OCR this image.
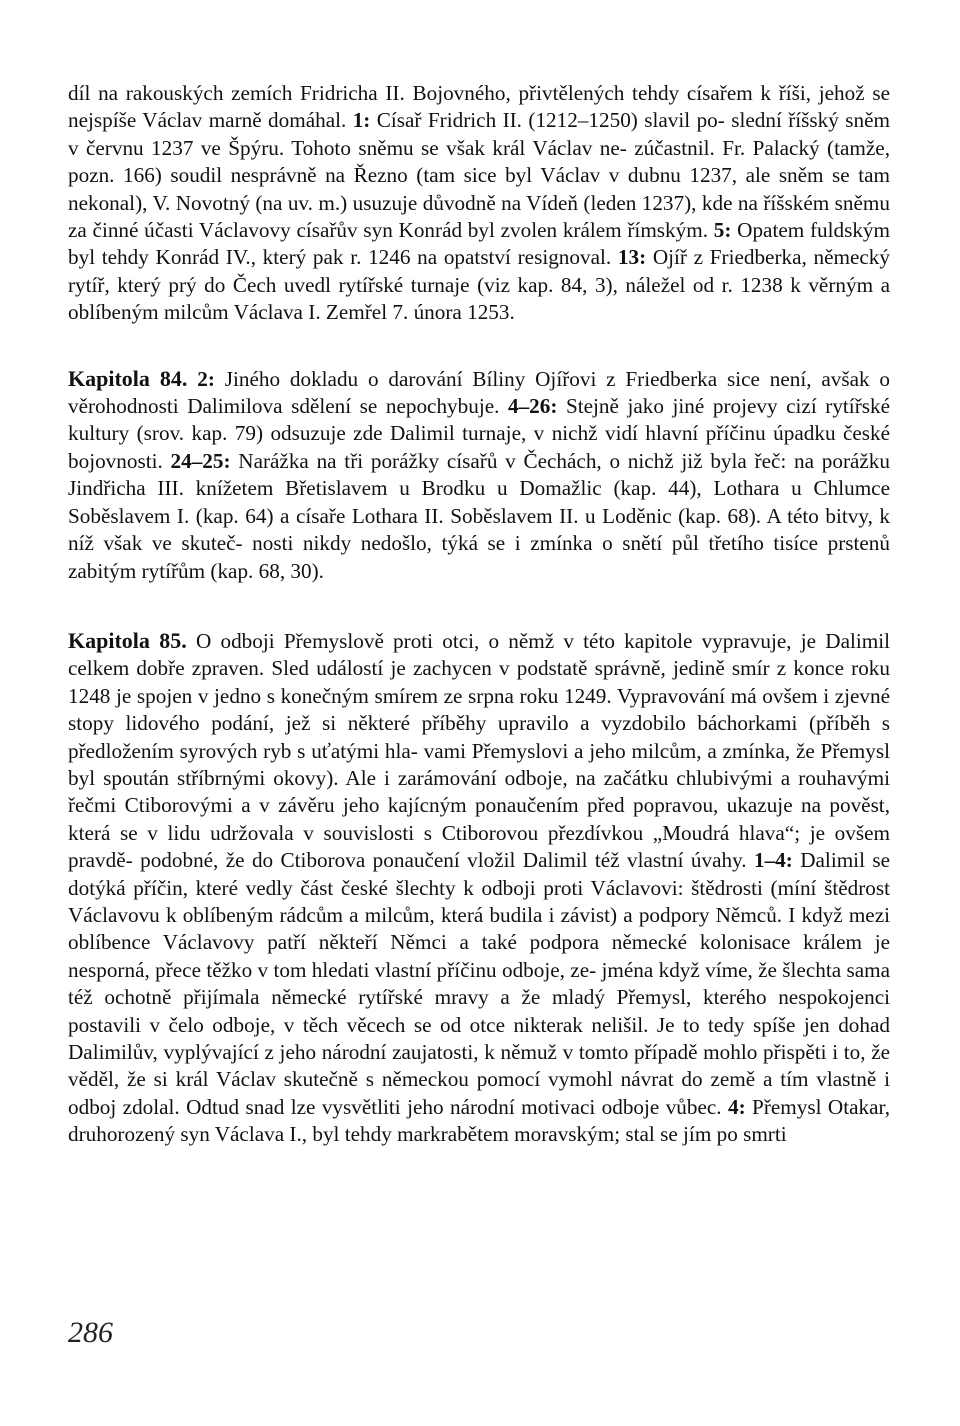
díl na rakouských zemích Fridricha II. Bojovného, přivtělených tehdy císařem k říši, jehož se nejspíše Václav marně domáhal. 1: Císař Fridrich II. (1212–1250) slavil po- slední říšský sněm v červnu 1237 ve Špýru. Tohoto sněmu se však král Václav ne- zúčastnil. Fr. Palacký (tamže, pozn. 166) soudil nesprávně na Řezno (tam sice byl Václav v dubnu 1237, ale sněm se tam nekonal), V. Novotný (na uv. m.) usuzuje důvodně na Vídeň (leden 1237), kde na říšském sněmu za činné účasti Václavovy císařův syn Konrád byl zvolen králem římským. 5: Opatem fuldským byl tehdy Konrád IV., který pak r. 1246 na opatství resignoval. 13: Ojíř z Friedberka, německý rytíř, který prý do Čech uvedl rytířské turnaje (viz kap. 84, 3), náležel od r. 1238 k věrným a oblíbeným milcům Václava I. Zemřel 7. února 1253.

Kapitola 84. 2: Jiného dokladu o darování Bíliny Ojířovi z Friedberka sice není, avšak o věrohodnosti Dalimilova sdělení se nepochybuje. 4–26: Stejně jako jiné projevy cizí rytířské kultury (srov. kap. 79) odsuzuje zde Dalimil turnaje, v nichž vidí hlavní příčinu úpadku české bojovnosti. 24–25: Narážka na tři porážky císařů v Čechách, o nichž již byla řeč: na porážku Jindřicha III. knížetem Břetislavem u Brodku u Domažlic (kap. 44), Lothara u Chlumce Soběslavem I. (kap. 64) a císaře Lothara II. Soběslavem II. u Loděnic (kap. 68). A této bitvy, k níž však ve skuteč- nosti nikdy nedošlo, týká se i zmínka o snětí půl třetího tisíce prstenů zabitým rytířům (kap. 68, 30).

Kapitola 85. O odboji Přemyslově proti otci, o němž v této kapitole vypravuje, je Dalimil celkem dobře zpraven. Sled událostí je zachycen v podstatě správně, jedině smír z konce roku 1248 je spojen v jedno s konečným smírem ze srpna roku 1249. Vypravování má ovšem i zjevné stopy lidového podání, jež si některé příběhy upravilo a vyzdobilo báchorkami (příběh s předložením syrových ryb s uťatými hla- vami Přemyslovi a jeho milcům, a zmínka, že Přemysl byl spoután stříbrnými okovy). Ale i zarámování odboje, na začátku chlubivými a rouhavými řečmi Ctiborovými a v závěru jeho kajícným ponaučením před popravou, ukazuje na pověst, která se v lidu udržovala v souvislosti s Ctiborovou přezdívkou „Moudrá hlava“; je ovšem pravdě- podobné, že do Ctiborova ponaučení vložil Dalimil též vlastní úvahy. 1–4: Dalimil se dotýká příčin, které vedly část české šlechty k odboji proti Václavovi: štědrosti (míní štědrost Václavovu k oblíbeným rádcům a milcům, která budila i závist) a podpory Němců. I když mezi oblíbence Václavovy patří někteří Němci a také podpora německé kolonisace králem je nesporná, přece těžko v tom hledati vlastní příčinu odboje, ze- jména když víme, že šlechta sama též ochotně přijímala německé rytířské mravy a že mladý Přemysl, kterého nespokojenci postavili v čelo odboje, v těch věcech se od otce nikterak nelišil. Je to tedy spíše jen dohad Dalimilův, vyplývající z jeho národní zaujatosti, k němuž v tomto případě mohlo přispěti i to, že věděl, že si král Václav skutečně s německou pomocí vymohl návrat do země a tím vlastně i odboj zdolal. Odtud snad lze vysvětliti jeho národní motivaci odboje vůbec. 4: Přemysl Otakar, druhorozený syn Václava I., byl tehdy markrabětem moravským; stal se jím po smrti

286
